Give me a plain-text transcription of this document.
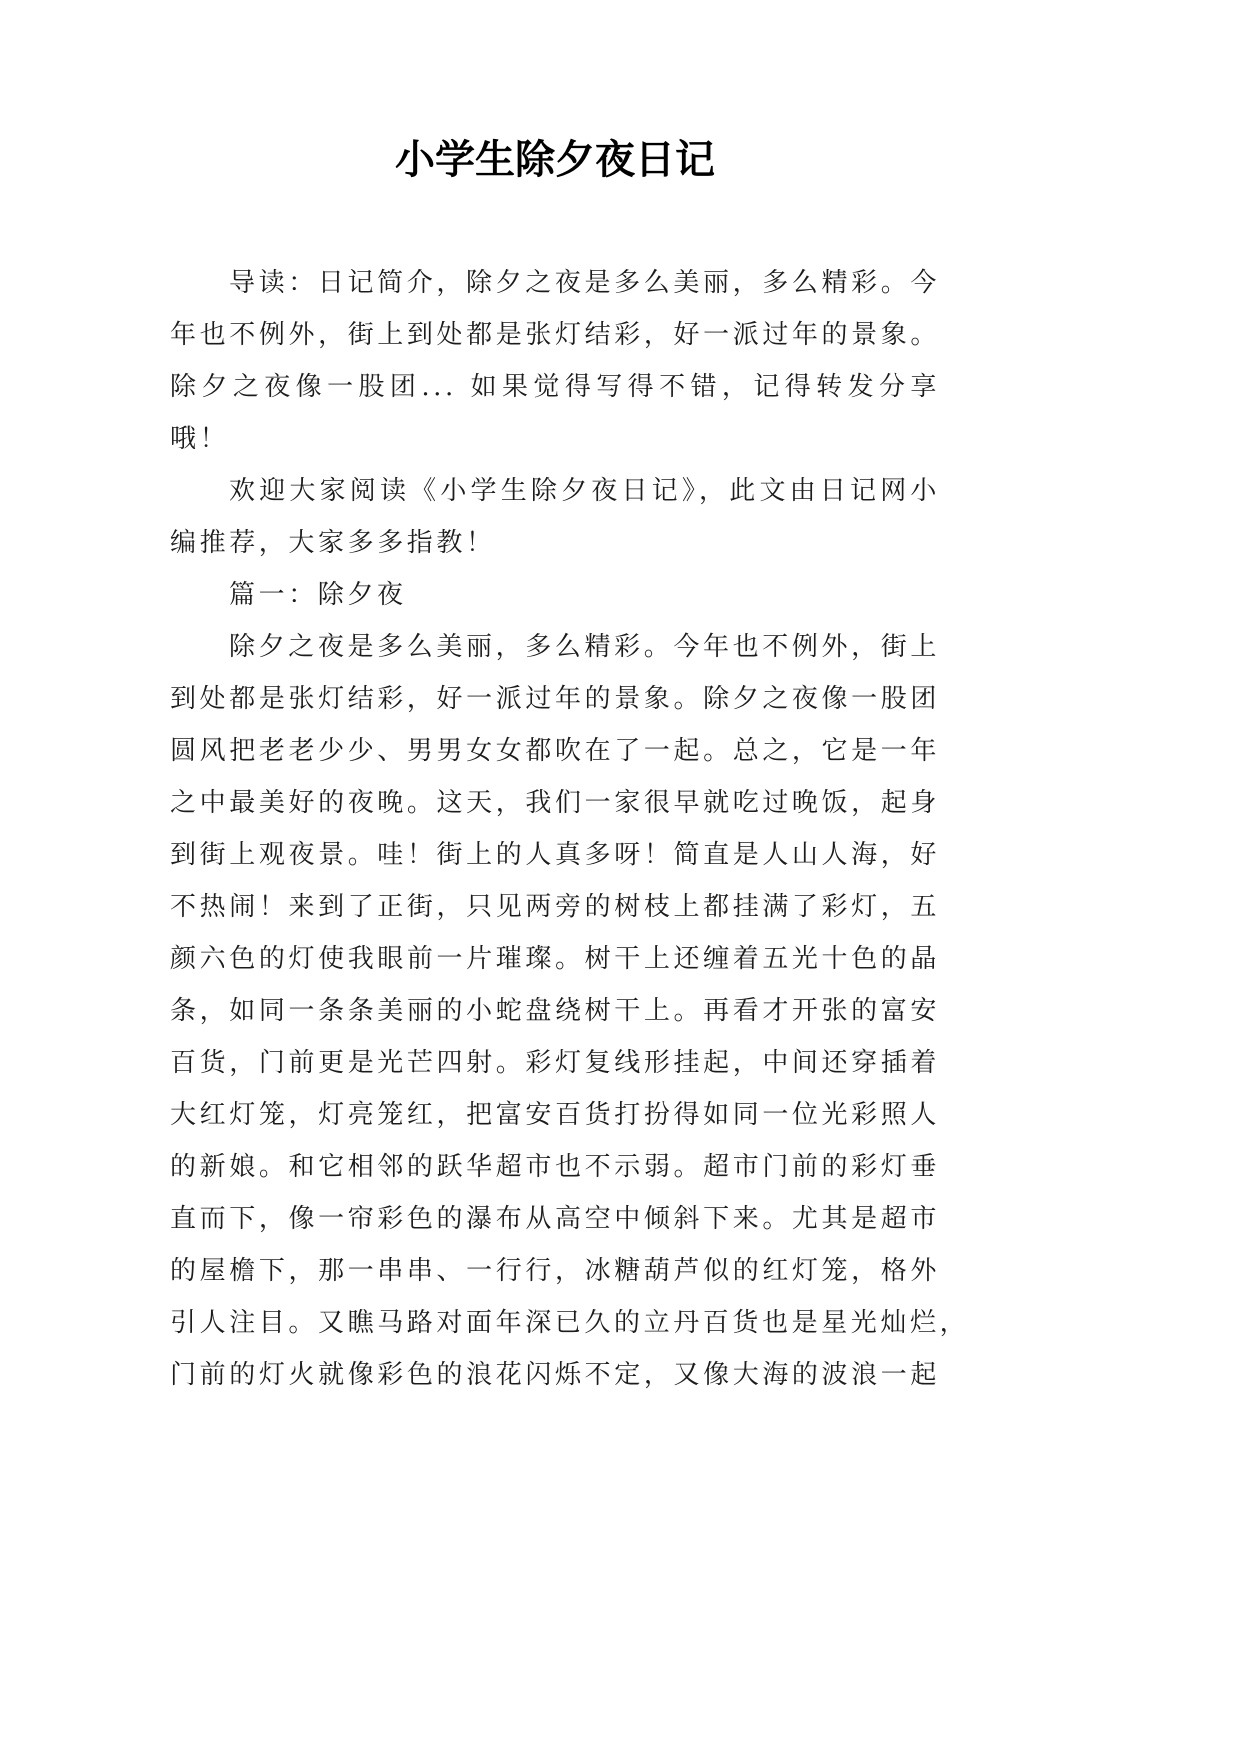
小学生除夕夜日记
导读：日记简介，除夕之夜是多么美丽，多么精彩。今
年也不例外，街上到处都是张灯结彩，好一派过年的景象。
除夕之夜像一股团... 如果觉得写得不错，记得转发分享
哦！
欢迎大家阅读《小学生除夕夜日记》，此文由日记网小
编推荐，大家多多指教！
篇一：除夕夜
除夕之夜是多么美丽，多么精彩。今年也不例外，街上
到处都是张灯结彩，好一派过年的景象。除夕之夜像一股团
圆风把老老少少、男男女女都吹在了一起。总之，它是一年
之中最美好的夜晚。这天，我们一家很早就吃过晚饭，起身
到街上观夜景。哇！街上的人真多呀！简直是人山人海，好
不热闹！来到了正街，只见两旁的树枝上都挂满了彩灯，五
颜六色的灯使我眼前一片璀璨。树干上还缠着五光十色的晶
条，如同一条条美丽的小蛇盘绕树干上。再看才开张的富安
百货，门前更是光芒四射。彩灯复线形挂起，中间还穿插着
大红灯笼，灯亮笼红，把富安百货打扮得如同一位光彩照人
的新娘。和它相邻的跃华超市也不示弱。超市门前的彩灯垂
直而下，像一帘彩色的瀑布从高空中倾斜下来。尤其是超市
的屋檐下，那一串串、一行行，冰糖葫芦似的红灯笼，格外
引人注目。又瞧马路对面年深已久的立丹百货也是星光灿烂，
门前的灯火就像彩色的浪花闪烁不定，又像大海的波浪一起
